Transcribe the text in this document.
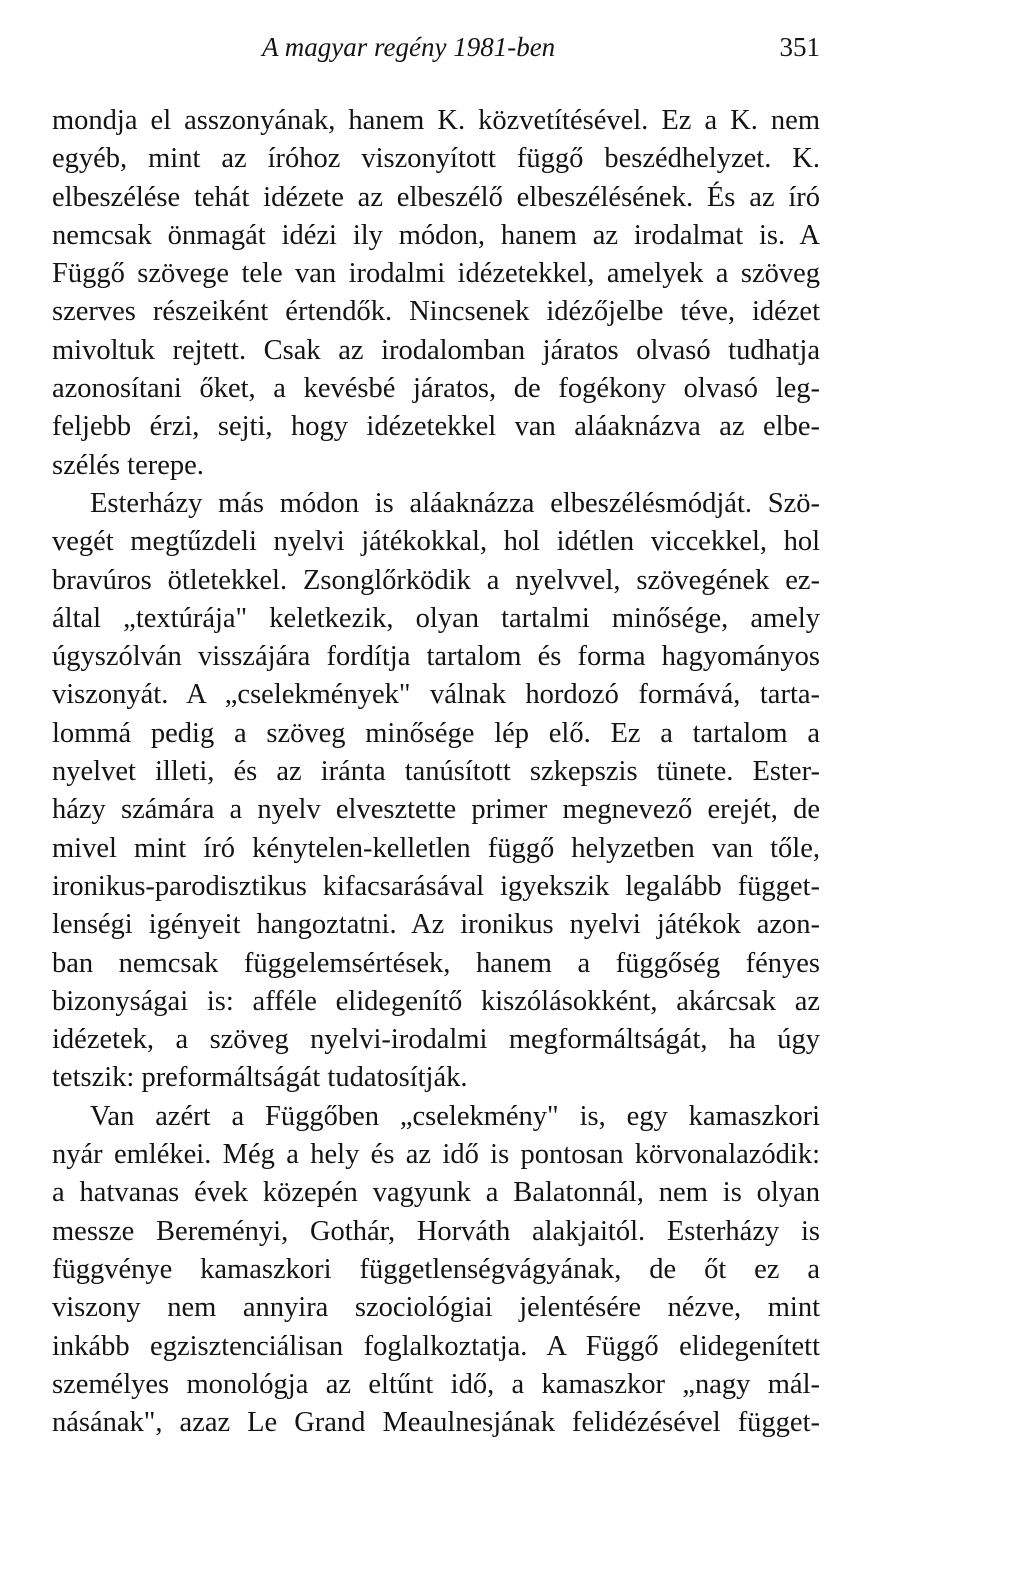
A magyar regény 1981-ben	351
mondja el asszonyának, hanem K. közvetítésével. Ez a K. nem
egyéb, mint az íróhoz viszonyított függő beszédhelyzet. K.
elbeszélése tehát idézete az elbeszélő elbeszélésének. És az író
nemcsak önmagát idézi ily módon, hanem az irodalmat is. A
Függő szövege tele van irodalmi idézetekkel, amelyek a szöveg
szerves részeiként értendők. Nincsenek idézőjelbe téve, idézet
mivoltuk rejtett. Csak az irodalomban járatos olvasó tudhatja
azonosítani őket, a kevésbé járatos, de fogékony olvasó leg-
feljebb érzi, sejti, hogy idézetekkel van aláaknázva az elbe-
szélés terepe.
Esterházy más módon is aláaknázza elbeszélésmódját. Szö-
vegét megtűzdeli nyelvi játékokkal, hol idétlen viccekkel, hol
bravúros ötletekkel. Zsonglőrködik a nyelvvel, szövegének ez-
által „textúrája" keletkezik, olyan tartalmi minősége, amely
úgyszólván visszájára fordítja tartalom és forma hagyományos
viszonyát. A „cselekmények" válnak hordozó formává, tarta-
lommá pedig a szöveg minősége lép elő. Ez a tartalom a
nyelvet illeti, és az iránta tanúsított szkepszis tünete. Ester-
házy számára a nyelv elvesztette primer megnevező erejét, de
mivel mint író kénytelen-kelletlen függő helyzetben van tőle,
ironikus-parodisztikus kifacsarásával igyekszik legalább függet-
lenségi igényeit hangoztatni. Az ironikus nyelvi játékok azon-
ban nemcsak függelemsértések, hanem a függőség fényes
bizonyságai is: afféle elidegenítő kiszólásokként, akárcsak az
idézetek, a szöveg nyelvi-irodalmi megformáltságát, ha úgy
tetszik: preformáltságát tudatosítják.
Van azért a Függőben „cselekmény" is, egy kamaszkori
nyár emlékei. Még a hely és az idő is pontosan körvonalazódik:
a hatvanas évek közepén vagyunk a Balatonnál, nem is olyan
messze Bereményi, Gothár, Horváth alakjaitól. Esterházy is
függvénye kamaszkori függetlenségvágyának, de őt ez a
viszony nem annyira szociológiai jelentésére nézve, mint
inkább egzisztenciálisan foglalkoztatja. A Függő elidegenített
személyes monológja az eltűnt idő, a kamaszkor „nagy mál-
násának", azaz Le Grand Meaulnesjának felidézésével függet-
